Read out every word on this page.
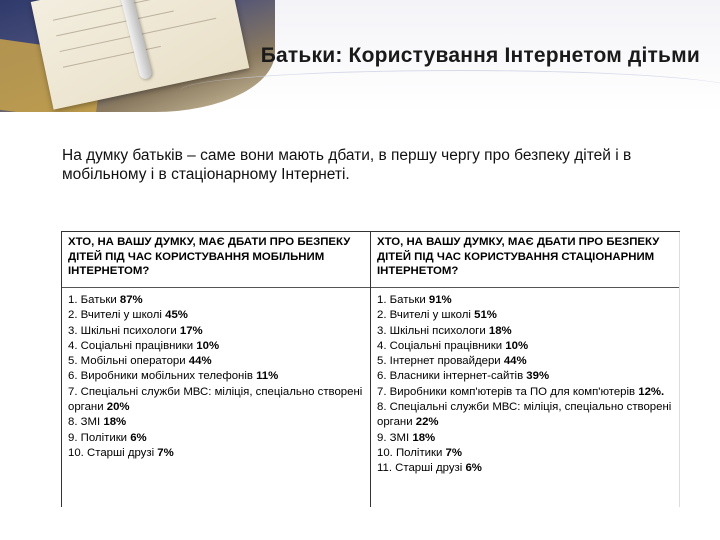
Батьки: Користування Інтернетом дітьми
На думку батьків – саме вони мають дбати, в першу чергу про безпеку дітей і в мобільному і в стаціонарному Інтернеті.
ХТО, НА ВАШУ ДУМКУ, МАЄ ДБАТИ ПРО БЕЗПЕКУ ДІТЕЙ ПІД ЧАС КОРИСТУВАННЯ МОБІЛЬНИМ ІНТЕРНЕТОМ?
1. Батьки 87%
2. Вчителі у школі 45%
3. Шкільні психологи 17%
4. Соціальні працівники 10%
5. Мобільні оператори 44%
6. Виробники мобільних телефонів 11%
7. Спеціальні служби МВС: міліція, спеціально створені органи 20%
8. ЗМІ 18%
9. Політики 6%
10. Старші друзі 7%
ХТО, НА ВАШУ ДУМКУ, МАЄ ДБАТИ ПРО БЕЗПЕКУ ДІТЕЙ ПІД ЧАС КОРИСТУВАННЯ СТАЦІОНАРНИМ ІНТЕРНЕТОМ?
1. Батьки 91%
2. Вчителі у школі 51%
3. Шкільні психологи 18%
4. Соціальні працівники 10%
5. Інтернет провайдери 44%
6. Власники інтернет-сайтів 39%
7. Виробники комп'ютерів та ПО для комп'ютерів 12%.
8. Спеціальні служби МВС: міліція, спеціально створені органи 22%
9. ЗМІ 18%
10. Політики 7%
11. Старші друзі 6%
